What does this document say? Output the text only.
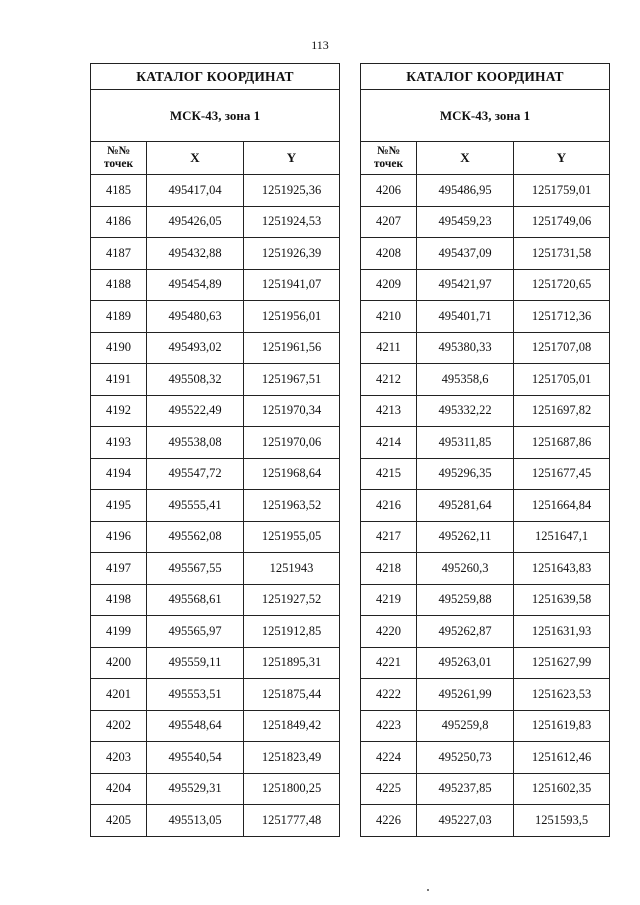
113
КАТАЛОГ КООРДИНАТ		
МСК-43, зона 1		

№№
точек	X	Y
4185	495417,04	1251925,36
4186	495426,05	1251924,53
4187	495432,88	1251926,39
4188	495454,89	1251941,07
4189	495480,63	1251956,01
4190	495493,02	1251961,56
4191	495508,32	1251967,51
4192	495522,49	1251970,34
4193	495538,08	1251970,06
4194	495547,72	1251968,64
4195	495555,41	1251963,52
4196	495562,08	1251955,05
4197	495567,55	1251943
4198	495568,61	1251927,52
4199	495565,97	1251912,85
4200	495559,11	1251895,31
4201	495553,51	1251875,44
4202	495548,64	1251849,42
4203	495540,54	1251823,49
4204	495529,31	1251800,25
4205	495513,05	1251777,48
КАТАЛОГ КООРДИНАТ		
МСК-43, зона 1		

№№
точек	X	Y
4206	495486,95	1251759,01
4207	495459,23	1251749,06
4208	495437,09	1251731,58
4209	495421,97	1251720,65
4210	495401,71	1251712,36
4211	495380,33	1251707,08
4212	495358,6	1251705,01
4213	495332,22	1251697,82
4214	495311,85	1251687,86
4215	495296,35	1251677,45
4216	495281,64	1251664,84
4217	495262,11	1251647,1
4218	495260,3	1251643,83
4219	495259,88	1251639,58
4220	495262,87	1251631,93
4221	495263,01	1251627,99
4222	495261,99	1251623,53
4223	495259,8	1251619,83
4224	495250,73	1251612,46
4225	495237,85	1251602,35
4226	495227,03	1251593,5
